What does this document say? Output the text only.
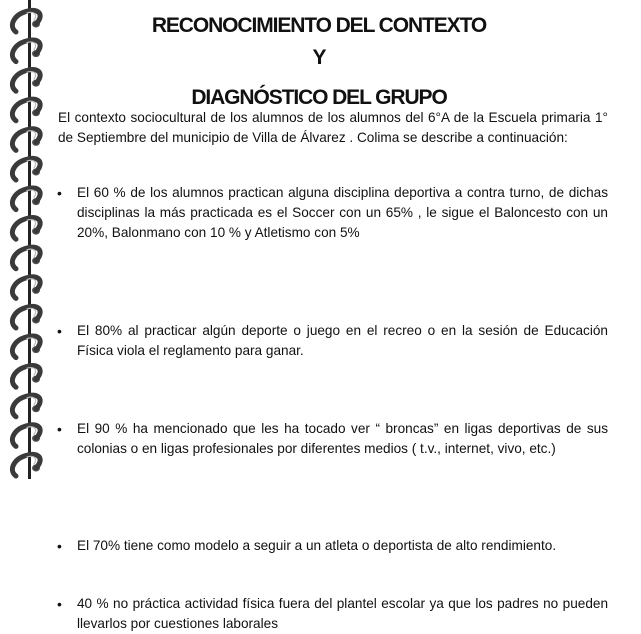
RECONOCIMIENTO DEL CONTEXTO
Y
DIAGNÓSTICO DEL GRUPO
El contexto sociocultural de los alumnos de los alumnos del 6°A de la Escuela primaria 1° de Septiembre del municipio de Villa de Álvarez . Colima se describe a continuación:
• El 60 % de los alumnos practican alguna disciplina deportiva a contra turno, de dichas disciplinas la más practicada es el Soccer con un 65% , le sigue el Baloncesto con un 20%, Balonmano con 10 % y Atletismo con 5%
• El 80% al practicar algún deporte o juego en el recreo o en la sesión de Educación Física viola el reglamento para ganar.
• El 90 % ha mencionado que les ha tocado ver “ broncas” en ligas deportivas de sus colonias o en ligas profesionales por diferentes medios ( t.v., internet, vivo, etc.)
• El 70% tiene como modelo a seguir a un atleta o deportista de alto rendimiento.
• 40 % no práctica actividad física fuera del plantel escolar ya que los padres no pueden llevarlos por cuestiones laborales
